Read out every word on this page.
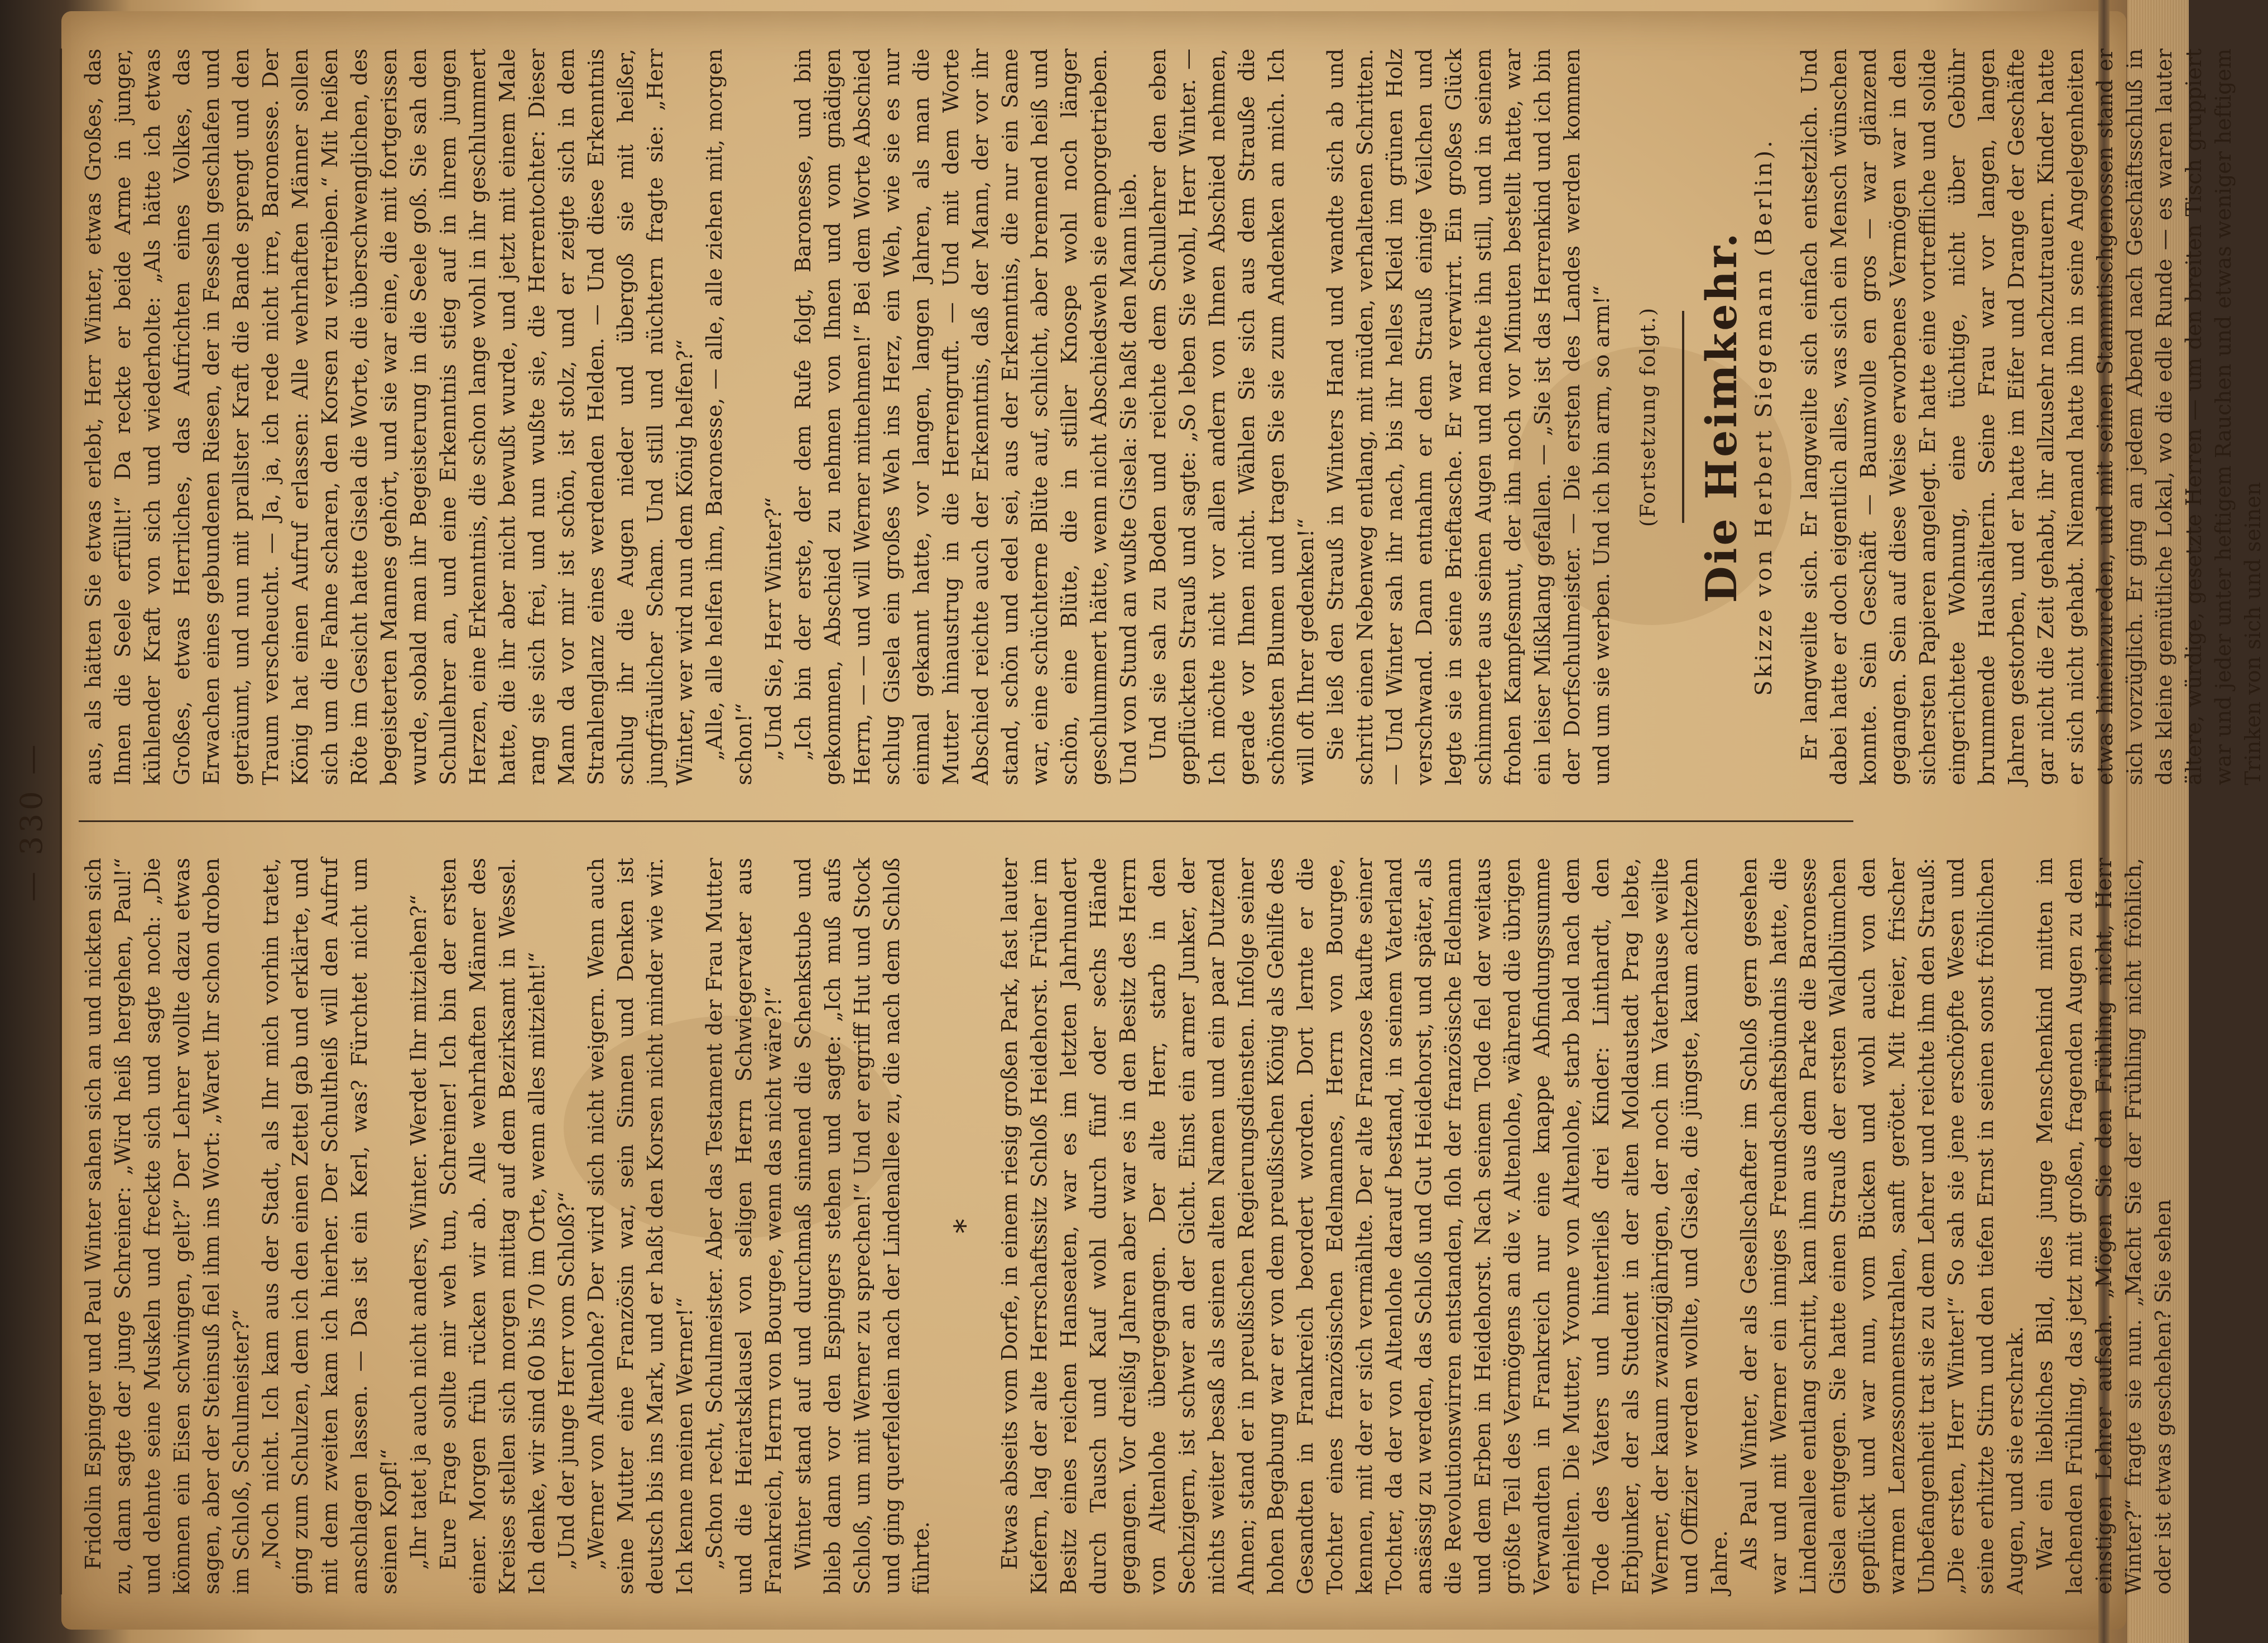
— 330 —

Fridolin Espinger und Paul Winter sahen sich an und nickten sich zu, dann sagte der junge Schreiner: „Wird heiß hergehen, Paul!“ und dehnte seine Muskeln und freckte sich und sagte noch: „Die können ein Eisen schwingen, gelt?“ Der Lehrer wollte dazu etwas sagen, aber der Steinsuß fiel ihm ins Wort: „Waret Ihr schon droben im Schloß, Schulmeister?“ „Noch nicht. Ich kam aus der Stadt, als Ihr mich vorhin tratet, ging zum Schulzen, dem ich den einen Zettel gab und erklärte, und mit dem zweiten kam ich hierher. Der Schultheiß will den Aufruf anschlagen lassen. — Das ist ein Kerl, was? Fürchtet nicht um seinen Kopf!“ „Ihr tatet ja auch nicht anders, Winter. Werdet Ihr mitziehen?“ Eure Frage sollte mir weh tun, Schreiner! Ich bin der ersten einer. Morgen früh rücken wir ab. Alle wehrhaften Männer des Kreises stellen sich morgen mittag auf dem Bezirksamt in Wessel. Ich denke, wir sind 60 bis 70 im Orte, wenn alles mitzieht!“ „Und der junge Herr vom Schloß?“ „Werner von Altenlohe? Der wird sich nicht weigern. Wenn auch seine Mutter eine Französin war, sein Sinnen und Denken ist deutsch bis ins Mark, und er haßt den Korsen nicht minder wie wir. Ich kenne meinen Werner!“ „Schon recht, Schulmeister. Aber das Testament der Frau Mutter und die Heiratsklausel von seligen Herrn Schwiegervater aus Frankreich, Herrn von Bourgee, wenn das nicht wäre?!“ Winter stand auf und durchmaß sinnend die Schenkstube und blieb dann vor den Espingers stehen und sagte: „Ich muß aufs Schloß, um mit Werner zu sprechen!“ Und er ergriff Hut und Stock und ging querfeldein nach der Lindenallee zu, die nach dem Schloß führte.

* Etwas abseits vom Dorfe, in einem riesig großen Park, fast lauter Kiefern, lag der alte Herrschaftssitz Schloß Heidehorst. Früher im Besitz eines reichen Hanseaten, war es im letzten Jahrhundert durch Tausch und Kauf wohl durch fünf oder sechs Hände gegangen. Vor dreißig Jahren aber war es in den Besitz des Herrn von Altenlohe übergegangen. Der alte Herr, starb in den Sechzigern, ist schwer an der Gicht. Einst ein armer Junker, der nichts weiter besaß als seinen alten Namen und ein paar Dutzend Ahnen; stand er in preußischen Regierungsdiensten. Infolge seiner hohen Begabung war er von dem preußischen König als Gehilfe des Gesandten in Frankreich beordert worden. Dort lernte er die Tochter eines französischen Edelmannes, Herrn von Bourgee, kennen, mit der er sich vermählte. Der alte Franzose kaufte seiner Tochter, da der von Altenlohe darauf bestand, in seinem Vaterland ansässig zu werden, das Schloß und Gut Heidehorst, und später, als die Revolutionswirren entstanden, floh der französische Edelmann und dem Erben in Heidehorst. Nach seinem Tode fiel der weitaus größte Teil des Vermögens an die v. Altenlohe, während die übrigen Verwandten in Frankreich nur eine knappe Abfindungssumme erhielten. Die Mutter, Yvonne von Altenlohe, starb bald nach dem Tode des Vaters und hinterließ drei Kinder: Linthardt, den Erbjunker, der als Student in der alten Moldaustadt Prag lebte, Werner, der kaum zwanzigjährigen, der noch im Vaterhause weilte und Offizier werden wollte, und Gisela, die jüngste, kaum achtzehn Jahre. Als Paul Winter, der als Gesellschafter im Schloß gern gesehen war und mit Werner ein inniges Freundschaftsbündnis hatte, die Lindenallee entlang schritt, kam ihm aus dem Parke die Baronesse Gisela entgegen. Sie hatte einen Strauß der ersten Waldblümchen gepflückt und war nun, vom Bücken und wohl auch von den warmen Lenzessonnenstrahlen, sanft gerötet. Mit freier, frischer Unbefangenheit trat sie zu dem Lehrer und reichte ihm den Strauß: „Die ersten, Herr Winter!“ So sah sie jene erschöpfte Wesen und seine erhitzte Stirn und den tiefen Ernst in seinen sonst fröhlichen Augen, und sie erschrak. War ein liebliches Bild, dies junge Menschenkind mitten im lachenden Frühling, das jetzt mit großen, fragenden Augen zu dem einstigen Lehrer aufsah. „Mögen Sie den Frühling nicht, Herr Winter?“ fragte sie nun. „Macht Sie der Frühling nicht fröhlich, oder ist etwas geschehen? Sie sehen

aus, als hätten Sie etwas erlebt, Herr Winter, etwas Großes, das Ihnen die Seele erfüllt!“ Da reckte er beide Arme in junger, kühlender Kraft von sich und wiederholte: „Als hätte ich etwas Großes, etwas Herrliches, das Aufrichten eines Volkes, das Erwachen eines gebundenen Riesen, der in Fesseln geschlafen und geträumt, und nun mit prallster Kraft die Bande sprengt und den Traum verscheucht. — Ja, ja, ich rede nicht irre, Baronesse. Der König hat einen Aufruf erlassen: Alle wehrhaften Männer sollen sich um die Fahne scharen, den Korsen zu vertreiben.“ Mit heißen Röte im Gesicht hatte Gisela die Worte, die überschwenglichen, des begeisterten Mannes gehört, und sie war eine, die mit fortgerissen wurde, sobald man ihr Begeisterung in die Seele goß. Sie sah den Schullehrer an, und eine Erkenntnis stieg auf in ihrem jungen Herzen, eine Erkenntnis, die schon lange wohl in ihr geschlummert hatte, die ihr aber nicht bewußt wurde, und jetzt mit einem Male rang sie sich frei, und nun wußte sie, die Herrentochter: Dieser Mann da vor mir ist schön, ist stolz, und er zeigte sich in dem Strahlenglanz eines werdenden Helden. — Und diese Erkenntnis schlug ihr die Augen nieder und übergoß sie mit heißer, jungfräulicher Scham. Und still und nüchtern fragte sie: „Herr Winter, wer wird nun dem König helfen?“ „Alle, alle helfen ihm, Baronesse, — alle, alle ziehen mit, morgen schon!“ „Und Sie, Herr Winter?“ „Ich bin der erste, der dem Rufe folgt, Baronesse, und bin gekommen, Abschied zu nehmen von Ihnen und vom gnädigen Herrn, — — und will Werner mitnehmen!“ Bei dem Worte Abschied schlug Gisela ein großes Weh ins Herz, ein Weh, wie sie es nur einmal gekannt hatte, vor langen, langen Jahren, als man die Mutter hinaustrug in die Herrengruft. — Und mit dem Worte Abschied reichte auch der Erkenntnis, daß der Mann, der vor ihr stand, schön und edel sei, aus der Erkenntnis, die nur ein Same war, eine schüchterne Blüte auf, schlicht, aber brennend heiß und schön, eine Blüte, die in stiller Knospe wohl noch länger geschlummert hätte, wenn nicht Abschiedsweh sie emporgetrieben. Und von Stund an wußte Gisela: Sie haßt den Mann lieb. Und sie sah zu Boden und reichte dem Schullehrer den eben gepflückten Strauß und sagte: „So leben Sie wohl, Herr Winter. — Ich möchte nicht vor allen andern von Ihnen Abschied nehmen, gerade vor Ihnen nicht. Wählen Sie sich aus dem Strauße die schönsten Blumen und tragen Sie sie zum Andenken an mich. Ich will oft Ihrer gedenken!“ Sie ließ den Strauß in Winters Hand und wandte sich ab und schritt einen Nebenweg entlang, mit müden, verhaltenen Schritten. — Und Winter sah ihr nach, bis ihr helles Kleid im grünen Holz verschwand. Dann entnahm er dem Strauß einige Veilchen und legte sie in seine Brieftasche. Er war verwirrt. Ein großes Glück schimmerte aus seinen Augen und machte ihn still, und in seinem frohen Kampfesmut, der ihn noch vor Minuten bestellt hatte, war ein leiser Mißklang gefallen. — „Sie ist das Herrenkind und ich bin der Dorfschulmeister. — Die ersten des Landes werden kommen und um sie werben. Und ich bin arm, so arm!“ (Fortsetzung folgt.) Die Heimkehr. Skizze von Herbert Siegemann (Berlin). Er langweilte sich. Er langweilte sich einfach entsetzlich. Und dabei hatte er doch eigentlich alles, was sich ein Mensch wünschen konnte. Sein Geschäft — Baumwolle en gros — war glänzend gegangen. Sein auf diese Weise erworbenes Vermögen war in den sichersten Papieren angelegt. Er hatte eine vortreffliche und solide eingerichtete Wohnung, eine tüchtige, nicht über Gebühr brummende Haushälterin. Seine Frau war vor langen, langen Jahren gestorben, und er hatte im Eifer und Drange der Geschäfte gar nicht die Zeit gehabt, ihr allzusehr nachzutrauern. Kinder hatte er sich nicht gehabt. Niemand hatte ihm in seine Angelegenheiten etwas hineinzureden, und mit seinen Stammtischgenossen stand er sich vorzüglich. Er ging an jedem Abend nach Geschäftsschluß in das kleine gemütliche Lokal, wo die edle Runde — es waren lauter ältere, würdige, gesetzte Herren — um den breiten Tisch gruppiert war und jeder unter heftigem Rauchen und etwas weniger heftigem Trinken von sich und seinen
